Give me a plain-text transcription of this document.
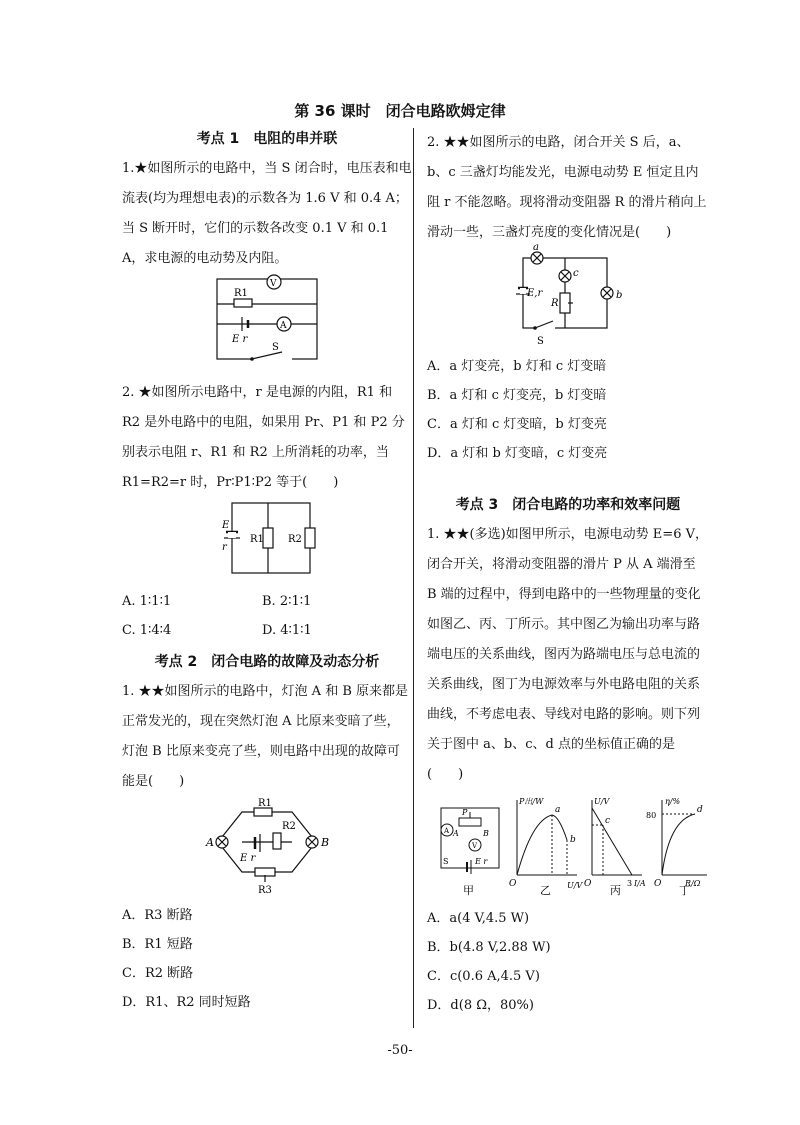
第 36 课时　闭合电路欧姆定律
考点 1　电阻的串并联

1.★如图所示的电路中，当 S 闭合时，电压表和电流表(均为理想电表)的示数各为 1.6 V 和 0.4 A；当 S 断开时，它们的示数各改变 0.1 V 和 0.1 A，求电源的电动势及内阻。

R1
V
A
E r
S

2. ★如图所示电路中，r 是电源的内阻，R1 和 R2 是外电路中的电阻，如果用 Pr、P1 和 P2 分别表示电阻 r、R1 和 R2 上所消耗的功率，当 R1=R2=r 时，Pr∶P1∶P2 等于(　　)

E
r
R1 R2
A. 1∶1∶1	B. 2∶1∶1
C. 1∶4∶4	D. 4∶1∶1
考点 2　闭合电路的故障及动态分析

1. ★★如图所示的电路中，灯泡 A 和 B 原来都是正常发光的，现在突然灯泡 A 比原来变暗了些，灯泡 B 比原来变亮了些，则电路中出现的故障可能是(　　)

R1
R2
R3
A	B
E r

A．R3 断路

B．R1 短路

C．R2 断路

D．R1、R2 同时短路

2. ★★如图所示的电路，闭合开关 S 后，a、b、c 三盏灯均能发光，电源电动势 E 恒定且内阻 r 不能忽略。现将滑动变阻器 R 的滑片稍向上滑动一些，三盏灯亮度的变化情况是(　　)

a
c
b
E,r
R
S

A．a 灯变亮，b 灯和 c 灯变暗

B．a 灯和 c 灯变亮，b 灯变暗

C．a 灯和 c 灯变暗，b 灯变亮

D．a 灯和 b 灯变暗，c 灯变亮

考点 3　闭合电路的功率和效率问题

1. ★★(多选)如图甲所示，电源电动势 E=6 V，闭合开关，将滑动变阻器的滑片 P 从 A 端滑至 B 端的过程中，得到电路中的一些物理量的变化如图乙、丙、丁所示。其中图乙为输出功率与路端电压的关系曲线，图丙为路端电压与总电流的关系曲线，图丁为电源效率与外电路电阻的关系曲线，不考虑电表、导线对电路的影响。则下列关于图中 a、b、c、d 点的坐标值正确的是(　　)

P
A	B
A
V
S	E r
甲
P出/W
a
b
U/V
O 乙
U/V
c
3 I/A
O 丙
η/%
80
d
R/Ω
O 丁

A．a(4 V,4.5 W)

B．b(4.8 V,2.88 W)

C．c(0.6 A,4.5 V)

D．d(8 Ω，80%)

-50-
